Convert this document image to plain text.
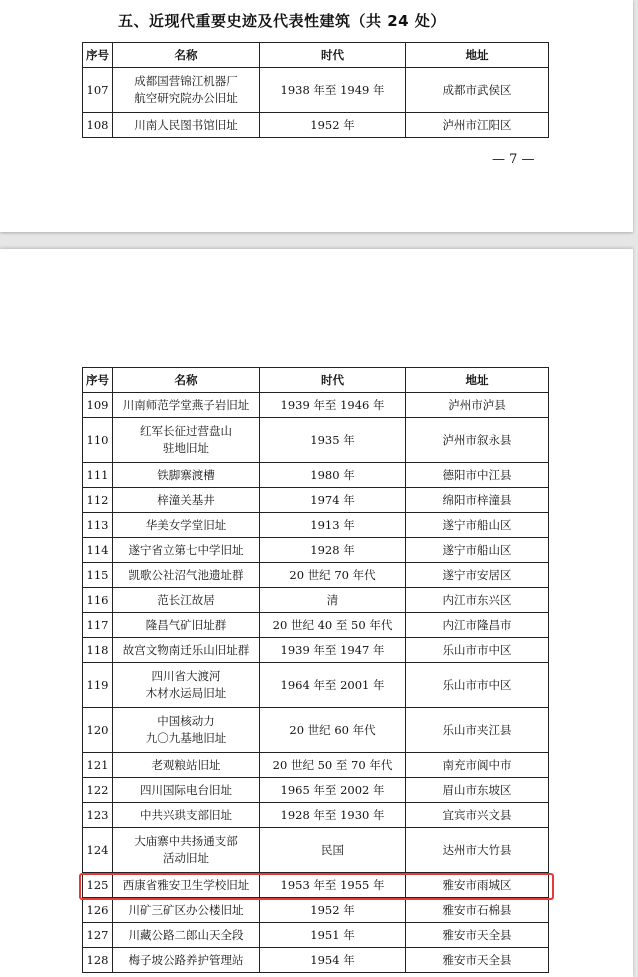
五、近现代重要史迹及代表性建筑（共 24 处）
序号	名称	时代	地址
107	成都国营锦江机器厂
航空研究院办公旧址	1938 年至 1949 年	成都市武侯区
108	川南人民图书馆旧址	1952 年	泸州市江阳区
— 7 —
序号	名称	时代	地址
109	川南师范学堂燕子岩旧址	1939 年至 1946 年	泸州市泸县
110	红军长征过营盘山
驻地旧址	1935 年	泸州市叙永县
111	铁脚寨渡槽	1980 年	德阳市中江县
112	梓潼关基井	1974 年	绵阳市梓潼县
113	华美女学堂旧址	1913 年	遂宁市船山区
114	遂宁省立第七中学旧址	1928 年	遂宁市船山区
115	凯歌公社沼气池遗址群	20 世纪 70 年代	遂宁市安居区
116	范长江故居	清	内江市东兴区
117	隆昌气矿旧址群	20 世纪 40 至 50 年代	内江市隆昌市
118	故宫文物南迁乐山旧址群	1939 年至 1947 年	乐山市市中区
119	四川省大渡河
木材水运局旧址	1964 年至 2001 年	乐山市市中区
120	中国核动力
九〇九基地旧址	20 世纪 60 年代	乐山市夹江县
121	老观粮站旧址	20 世纪 50 至 70 年代	南充市阆中市
122	四川国际电台旧址	1965 年至 2002 年	眉山市东坡区
123	中共兴珙支部旧址	1928 年至 1930 年	宜宾市兴文县
124	大庙寨中共扬通支部
活动旧址	民国	达州市大竹县
125	西康省雅安卫生学校旧址	1953 年至 1955 年	雅安市雨城区
126	川矿三矿区办公楼旧址	1952 年	雅安市石棉县
127	川藏公路二郎山天全段	1951 年	雅安市天全县
128	梅子坡公路养护管理站	1954 年	雅安市天全县
